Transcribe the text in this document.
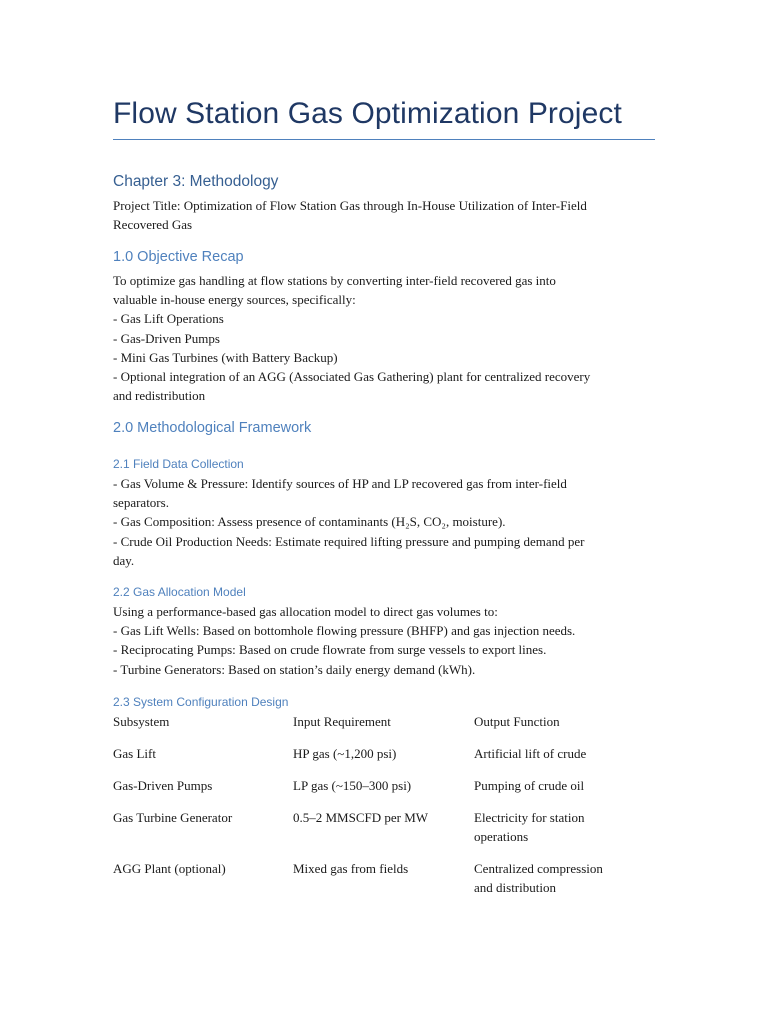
Flow Station Gas Optimization Project
Chapter 3: Methodology
Project Title: Optimization of Flow Station Gas through In-House Utilization of Inter-Field
Recovered Gas
1.0 Objective Recap
To optimize gas handling at flow stations by converting inter-field recovered gas into
valuable in-house energy sources, specifically:
- Gas Lift Operations
- Gas-Driven Pumps
- Mini Gas Turbines (with Battery Backup)
- Optional integration of an AGG (Associated Gas Gathering) plant for centralized recovery
and redistribution
2.0 Methodological Framework
2.1 Field Data Collection
- Gas Volume & Pressure: Identify sources of HP and LP recovered gas from inter-field
separators.
- Gas Composition: Assess presence of contaminants (H₂S, CO₂, moisture).
- Crude Oil Production Needs: Estimate required lifting pressure and pumping demand per
day.
2.2 Gas Allocation Model
Using a performance-based gas allocation model to direct gas volumes to:
- Gas Lift Wells: Based on bottomhole flowing pressure (BHFP) and gas injection needs.
- Reciprocating Pumps: Based on crude flowrate from surge vessels to export lines.
- Turbine Generators: Based on station’s daily energy demand (kWh).
2.3 System Configuration Design
Subsystem	Input Requirement	Output Function
Gas Lift	HP gas (~1,200 psi)	Artificial lift of crude
Gas-Driven Pumps	LP gas (~150–300 psi)	Pumping of crude oil
Gas Turbine Generator	0.5–2 MMSCFD per MW	Electricity for station
operations
AGG Plant (optional)	Mixed gas from fields	Centralized compression
and distribution
